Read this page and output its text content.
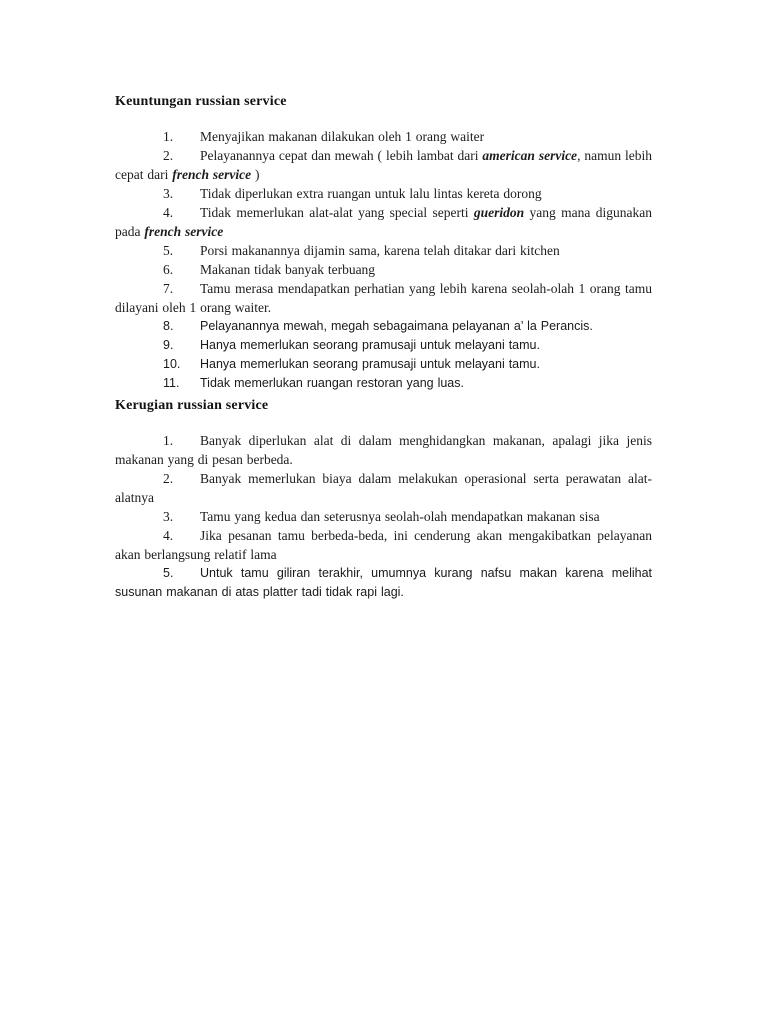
Keuntungan russian service

1. Menyajikan makanan dilakukan oleh 1 orang waiter

2. Pelayanannya cepat dan mewah ( lebih lambat dari american service, namun lebih cepat dari french service )

3. Tidak diperlukan extra ruangan untuk lalu lintas kereta dorong

4. Tidak memerlukan alat-alat yang special seperti gueridon yang mana digunakan pada french service

5. Porsi makanannya dijamin sama, karena telah ditakar dari kitchen

6. Makanan tidak banyak terbuang

7. Tamu merasa mendapatkan perhatian yang lebih karena seolah-olah 1 orang tamu dilayani oleh 1 orang waiter.

8. Pelayanannya mewah, megah sebagaimana pelayanan a’ la Perancis.

9. Hanya memerlukan seorang pramusaji untuk melayani tamu.

10. Hanya memerlukan seorang pramusaji untuk melayani tamu.

11. Tidak memerlukan ruangan restoran yang luas.

Kerugian russian service

1. Banyak diperlukan alat di dalam menghidangkan makanan, apalagi jika jenis makanan yang di pesan berbeda.

2. Banyak memerlukan biaya dalam melakukan operasional serta perawatan alat-alatnya

3. Tamu yang kedua dan seterusnya seolah-olah mendapatkan makanan sisa

4. Jika pesanan tamu berbeda-beda, ini cenderung akan mengakibatkan pelayanan akan berlangsung relatif lama

5. Untuk tamu giliran terakhir, umumnya kurang nafsu makan karena melihat susunan makanan di atas platter tadi tidak rapi lagi.
